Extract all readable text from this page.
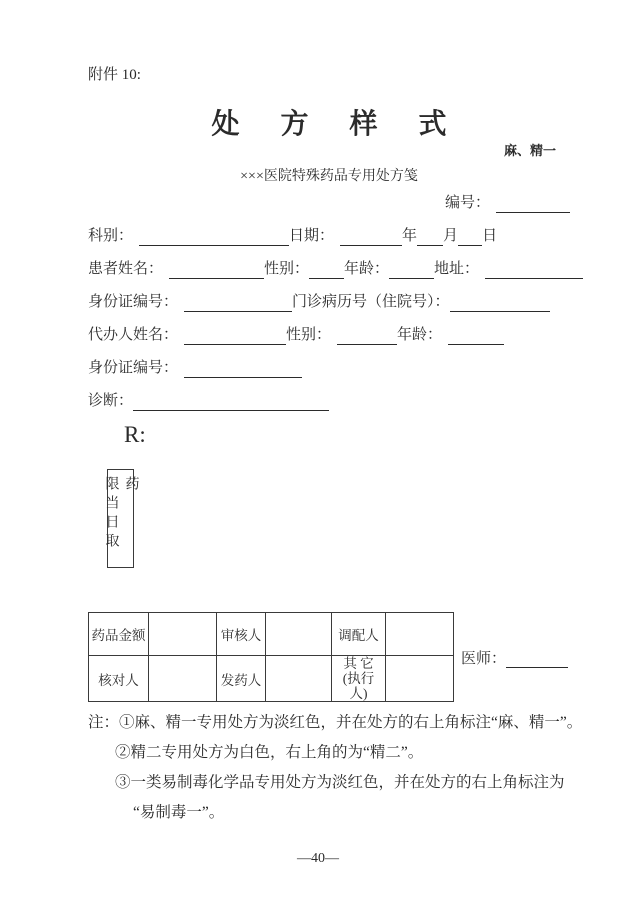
附件 10:
处 方 样 式
麻、精一
×××医院特殊药品专用处方笺
编号：
科别：	日期：	年 月 日
患者姓名：	性别： 年龄：	地址：
身份证编号：	门诊病历号（住院号）：
代办人姓名：	性别：	年龄：
身份证编号：
诊断：
R:
限当日取药
药品金额		审核人		调配人	
核对人		发药人		其 它
(执行人)	

医师：
注：①麻、精一专用处方为淡红色，并在处方的右上角标注“麻、精一”。
②精二专用处方为白色，右上角的为“精二”。
③一类易制毒化学品专用处方为淡红色，并在处方的右上角标注为
“易制毒一”。
—40—
